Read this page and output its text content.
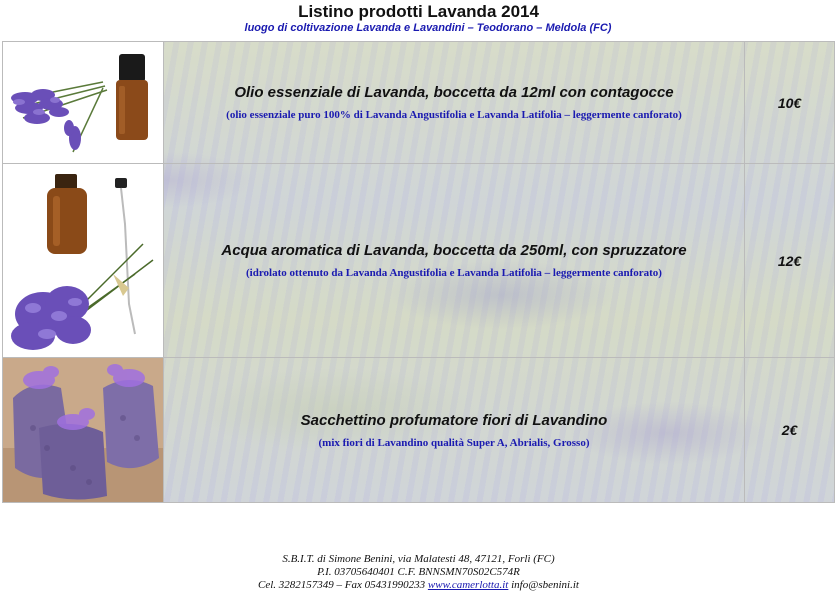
Listino prodotti Lavanda 2014
luogo di coltivazione Lavanda e Lavandini – Teodorano – Meldola (FC)
Olio essenziale di Lavanda, boccetta da 12ml con contagocce
(olio essenziale puro 100% di Lavanda Angustifolia e Lavanda Latifolia – leggermente canforato)
10€
Acqua aromatica di Lavanda, boccetta da 250ml, con spruzzatore
(idrolato ottenuto da Lavanda Angustifolia e Lavanda Latifolia – leggermente canforato)
12€
Sacchettino profumatore fiori di Lavandino
(mix fiori di Lavandino qualità Super A, Abrialis, Grosso)
2€
S.B.I.T. di Simone Benini, via Malatesti 48, 47121, Forlì (FC)
P.I. 03705640401 C.F. BNNSMN70S02C574R
Cel. 3282157349 – Fax 05431990233 www.camerlotta.it info@sbenini.it
